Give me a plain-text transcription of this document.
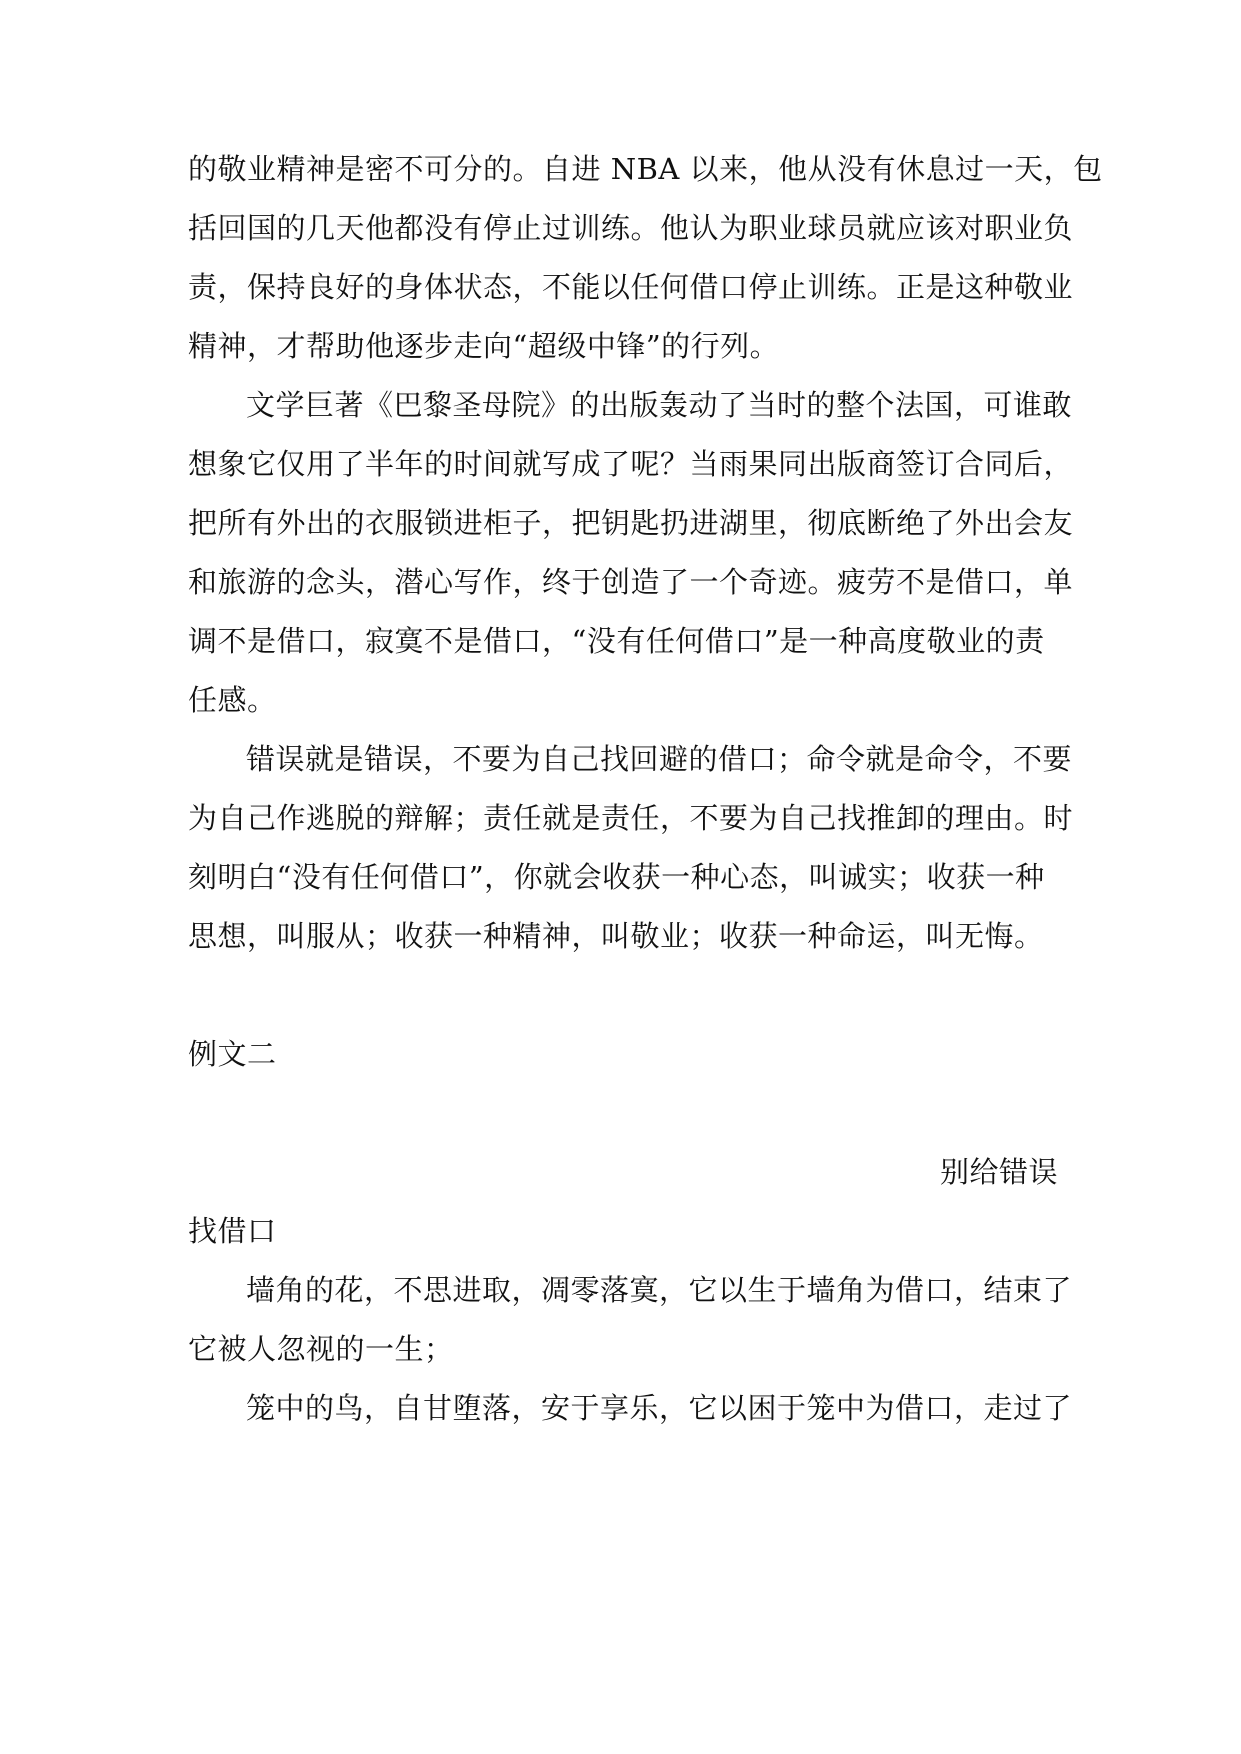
的敬业精神是密不可分的。自进 NBA 以来，他从没有休息过一天，包
括回国的几天他都没有停止过训练。他认为职业球员就应该对职业负
责，保持良好的身体状态，不能以任何借口停止训练。正是这种敬业
精神，才帮助他逐步走向“超级中锋”的行列。
文学巨著《巴黎圣母院》的出版轰动了当时的整个法国，可谁敢
想象它仅用了半年的时间就写成了呢？当雨果同出版商签订合同后，
把所有外出的衣服锁进柜子，把钥匙扔进湖里，彻底断绝了外出会友
和旅游的念头，潜心写作，终于创造了一个奇迹。疲劳不是借口，单
调不是借口，寂寞不是借口，“没有任何借口”是一种高度敬业的责
任感。
错误就是错误，不要为自己找回避的借口；命令就是命令，不要
为自己作逃脱的辩解；责任就是责任，不要为自己找推卸的理由。时
刻明白“没有任何借口”，你就会收获一种心态，叫诚实；收获一种
思想，叫服从；收获一种精神，叫敬业；收获一种命运，叫无悔。
例文二
别给错误
找借口
墙角的花，不思进取，凋零落寞，它以生于墙角为借口，结束了
它被人忽视的一生；
笼中的鸟，自甘堕落，安于享乐，它以困于笼中为借口，走过了
